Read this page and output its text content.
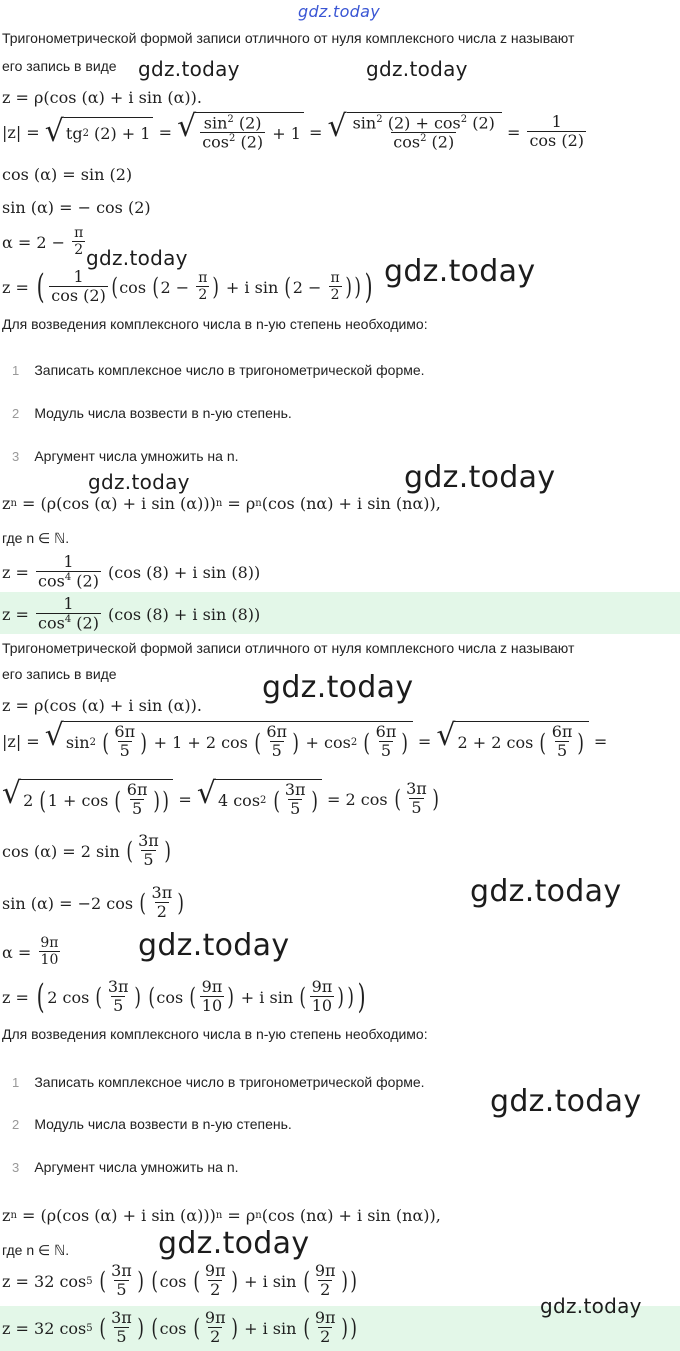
gdz.today
Тригонометрической формой записи отличного от нуля комплексного числа z называют
его запись в виде gdz.today	gdz.today
z = ρ(cos (α) + i sin (α)).
|z| = √ tg 2 (2) + 1 = √ $\sin^2 (2)$
$\cos^2 (2) + 1$ = √ $\sin^2 (2) + \cos^2 (2)$
$\cos^2 (2)$
=
1
cos (2)
cos (α) = sin (2)
sin (α) = − cos (2)
α = 2 − π
2 gdz.today
z = ( 1
cos (2) ( cos ( 2 − π
2 ) + i sin ( 2 − π
2 ) ) ) gdz.today
Для возведения комплексного числа в n-ую степень необходимо:
1 Записать комплексное число в тригонометрической форме.
2 Модуль числа возвести в n-ую степень.
3 Аргумент числа умножить на n.
gdz.today	gdz.today
z n = (ρ(cos (α) + i sin (α))) n = ρ n (cos (nα) + i sin (nα)),
где n ∈ ℕ.
z =
1
$\cos^4 (2)$ (cos (8) + i sin (8))
z =
1
$\cos^4 (2)$ (cos (8) + i sin (8))
Тригонометрической формой записи отличного от нуля комплексного числа z называют
его запись в виде
z = ρ(cos (α) + i sin (α)).
gdz.today
|z| = √ sin 2
( 6π
5 ) + 1 + 2 cos ( 6π
5 ) + cos 2
( 6π
5 ) = √ 2 + 2 cos ( 6π
5 ) =
√ 2 ( 1 + cos ( 6π
5 ) ) = √ 4 cos 2
( 3π
5 ) = 2 cos ( 3π
5 )
cos (α) = 2 sin ( 3π
5 )
sin (α) = −2 cos ( 3π
2 )	gdz.today
α = 9π
10	gdz.today
z = ( 2 cos ( 3π
5 )
( cos ( 9π
10 ) + i sin ( 9π
10 ) ) )
Для возведения комплексного числа в n-ую степень необходимо:
1 Записать комплексное число в тригонометрической форме.
2 Модуль числа возвести в n-ую степень.
gdz.today
3 Аргумент числа умножить на n.
z n = (ρ(cos (α) + i sin (α))) n = ρ n (cos (nα) + i sin (nα)),
где n ∈ ℕ.	gdz.today
z = 32 cos 5
( 3π
5 )
( cos ( 9π
2 ) + i sin ( 9π
2 ) )
z = 32 cos 5
( 3π
5 )
( cos ( 9π
2 ) + i sin ( 9π
2 ) )
gdz.today
